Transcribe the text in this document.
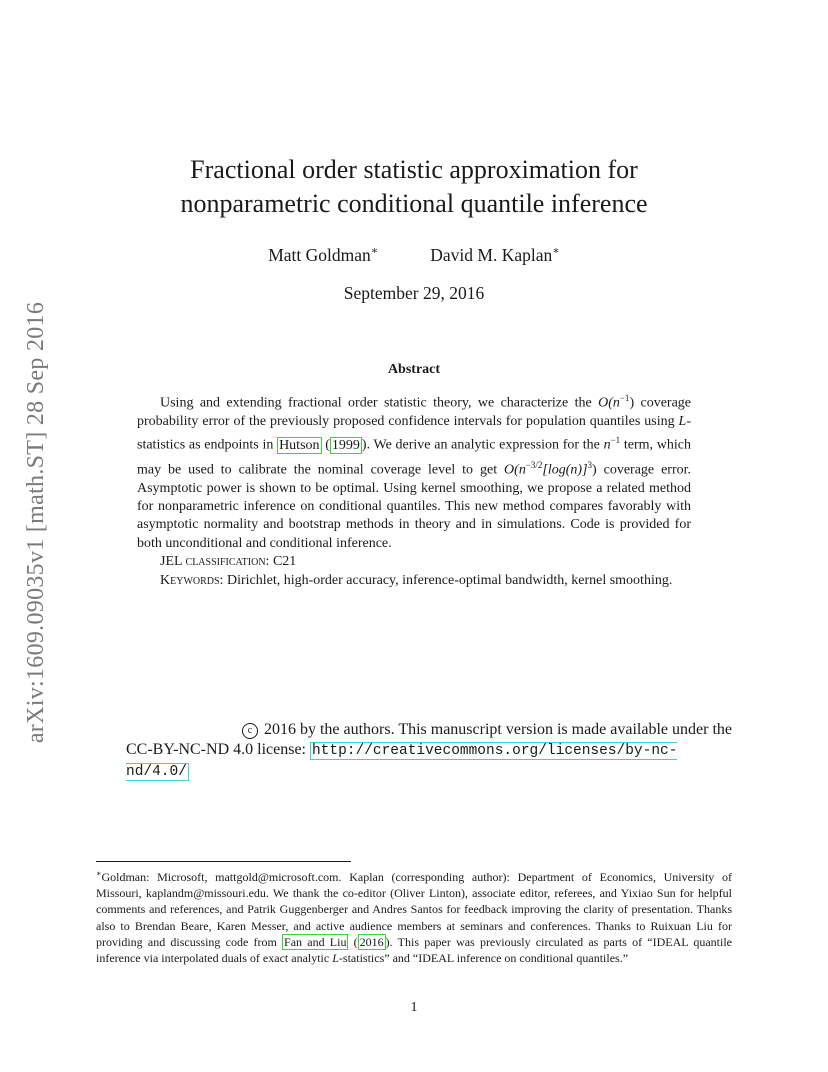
arXiv:1609.09035v1 [math.ST] 28 Sep 2016
Fractional order statistic approximation for
nonparametric conditional quantile inference
Matt Goldman∗	David M. Kaplan∗
September 29, 2016
Abstract

Using and extending fractional order statistic theory, we characterize the $O(n^{-1})$ coverage probability error of the previously proposed confidence intervals for population quantiles using L-statistics as endpoints in Hutson ( 1999 ). We derive an analytic expression for the $n^{-1}$ term, which may be used to calibrate the nominal coverage level to get $O(n^{-3/2}[\log(n)]^3)$ coverage error. Asymptotic power is shown to be optimal. Using kernel smoothing, we propose a related method for nonparametric inference on conditional quantiles. This new method compares favorably with asymptotic normality and bootstrap methods in theory and in simulations. Code is provided for both unconditional and conditional inference.

JEL classification: C21

Keywords: Dirichlet, high-order accuracy, inference-optimal bandwidth, kernel smoothing.

c 2016 by the authors. This manuscript version is made available under the
CC-BY-NC-ND 4.0 license: http://creativecommons.org/licenses/by-nc-nd/4.0/
∗Goldman: Microsoft, mattgold@microsoft.com. Kaplan (corresponding author): Department of Economics, University of Missouri, kaplandm@missouri.edu. We thank the co-editor (Oliver Linton), associate editor, referees, and Yixiao Sun for helpful comments and references, and Patrik Guggenberger and Andres Santos for feedback improving the clarity of presentation. Thanks also to Brendan Beare, Karen Messer, and active audience members at seminars and conferences. Thanks to Ruixuan Liu for providing and discussing code from Fan and Liu ( 2016 ). This paper was previously circulated as parts of “IDEAL quantile inference via interpolated duals of exact analytic L-statistics” and “IDEAL inference on conditional quantiles.”
1
